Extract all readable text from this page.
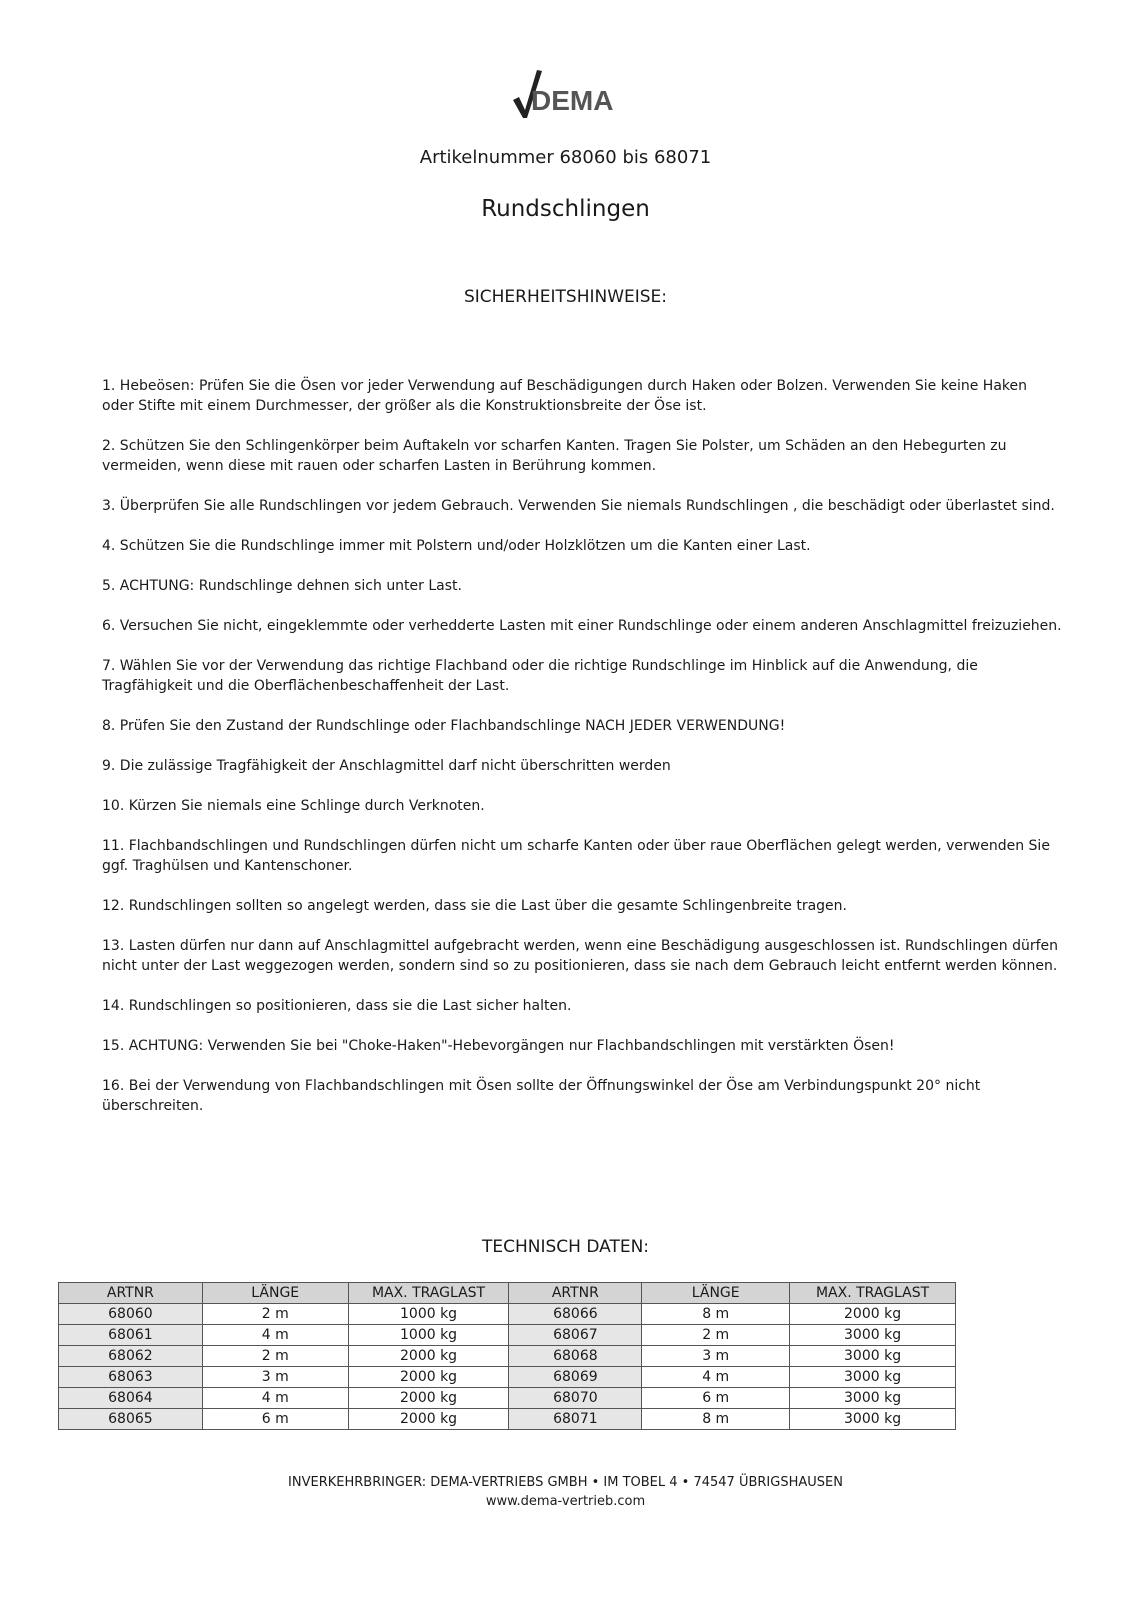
DEMA
Artikelnummer 68060 bis 68071
Rundschlingen
SICHERHEITSHINWEISE:

1. Hebeösen: Prüfen Sie die Ösen vor jeder Verwendung auf Beschädigungen durch Haken oder Bolzen. Verwenden Sie keine Haken oder Stifte mit einem Durchmesser, der größer als die Konstruktionsbreite der Öse ist.

2. Schützen Sie den Schlingenkörper beim Auftakeln vor scharfen Kanten. Tragen Sie Polster, um Schäden an den Hebegurten zu vermeiden, wenn diese mit rauen oder scharfen Lasten in Berührung kommen.

3. Überprüfen Sie alle Rundschlingen vor jedem Gebrauch. Verwenden Sie niemals Rundschlingen , die beschädigt oder überlastet sind.

4. Schützen Sie die Rundschlinge immer mit Polstern und/oder Holzklötzen um die Kanten einer Last.

5. ACHTUNG: Rundschlinge dehnen sich unter Last.

6. Versuchen Sie nicht, eingeklemmte oder verhedderte Lasten mit einer Rundschlinge oder einem anderen Anschlagmittel freizuziehen.

7. Wählen Sie vor der Verwendung das richtige Flachband oder die richtige Rundschlinge im Hinblick auf die Anwendung, die Tragfähigkeit und die Oberflächenbeschaffenheit der Last.

8. Prüfen Sie den Zustand der Rundschlinge oder Flachbandschlinge NACH JEDER VERWENDUNG!

9. Die zulässige Tragfähigkeit der Anschlagmittel darf nicht überschritten werden

10. Kürzen Sie niemals eine Schlinge durch Verknoten.

11. Flachbandschlingen und Rundschlingen dürfen nicht um scharfe Kanten oder über raue Oberflächen gelegt werden, verwenden Sie ggf. Traghülsen und Kantenschoner.

12. Rundschlingen sollten so angelegt werden, dass sie die Last über die gesamte Schlingenbreite tragen.

13. Lasten dürfen nur dann auf Anschlagmittel aufgebracht werden, wenn eine Beschädigung ausgeschlossen ist. Rundschlingen dürfen nicht unter der Last weggezogen werden, sondern sind so zu positionieren, dass sie nach dem Gebrauch leicht entfernt werden können.

14. Rundschlingen so positionieren, dass sie die Last sicher halten.

15. ACHTUNG: Verwenden Sie bei "Choke-Haken"-Hebevorgängen nur Flachbandschlingen mit verstärkten Ösen!

16. Bei der Verwendung von Flachbandschlingen mit Ösen sollte der Öffnungswinkel der Öse am Verbindungspunkt 20° nicht überschreiten.

TECHNISCH DATEN:
ARTNR	LÄNGE	MAX. TRAGLAST	ARTNR	LÄNGE	MAX. TRAGLAST
68060	2 m	1000 kg	68066	8 m	2000 kg
68061	4 m	1000 kg	68067	2 m	3000 kg
68062	2 m	2000 kg	68068	3 m	3000 kg
68063	3 m	2000 kg	68069	4 m	3000 kg
68064	4 m	2000 kg	68070	6 m	3000 kg
68065	6 m	2000 kg	68071	8 m	3000 kg
INVERKEHRBRINGER: DEMA-VERTRIEBS GMBH • IM TOBEL 4 • 74547 ÜBRIGSHAUSEN
www.dema-vertrieb.com
